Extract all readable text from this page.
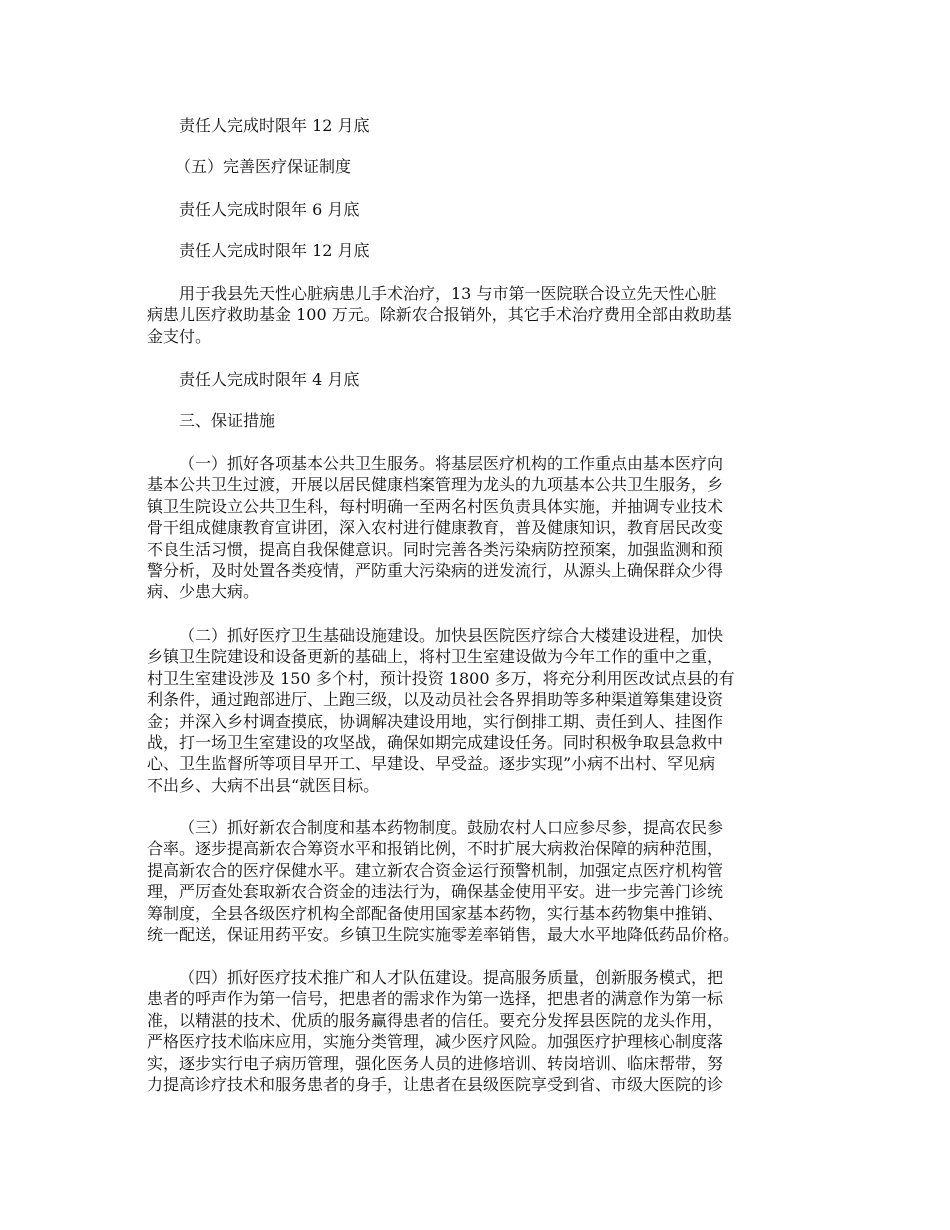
责任人完成时限年 12 月底
（五）完善医疗保证制度
责任人完成时限年 6 月底
责任人完成时限年 12 月底
用于我县先天性心脏病患儿手术治疗，13 与市第一医院联合设立先天性心脏
病患儿医疗救助基金 100 万元。除新农合报销外，其它手术治疗费用全部由救助基
金支付。
责任人完成时限年 4 月底
三、保证措施
（一）抓好各项基本公共卫生服务。将基层医疗机构的工作重点由基本医疗向
基本公共卫生过渡，开展以居民健康档案管理为龙头的九项基本公共卫生服务，乡
镇卫生院设立公共卫生科，每村明确一至两名村医负责具体实施，并抽调专业技术
骨干组成健康教育宣讲团，深入农村进行健康教育，普及健康知识，教育居民改变
不良生活习惯，提高自我保健意识。同时完善各类污染病防控预案，加强监测和预
警分析，及时处置各类疫情，严防重大污染病的迸发流行，从源头上确保群众少得
病、少患大病。
（二）抓好医疗卫生基础设施建设。加快县医院医疗综合大楼建设进程，加快
乡镇卫生院建设和设备更新的基础上，将村卫生室建设做为今年工作的重中之重，
村卫生室建设涉及 150 多个村，预计投资 1800 多万，将充分利用医改试点县的有
利条件，通过跑部进厅、上跑三级，以及动员社会各界捐助等多种渠道筹集建设资
金；并深入乡村调查摸底，协调解决建设用地，实行倒排工期、责任到人、挂图作
战，打一场卫生室建设的攻坚战，确保如期完成建设任务。同时积极争取县急救中
心、卫生监督所等项目早开工、早建设、早受益。逐步实现”小病不出村、罕见病
不出乡、大病不出县“就医目标。
（三）抓好新农合制度和基本药物制度。鼓励农村人口应参尽参，提高农民参
合率。逐步提高新农合筹资水平和报销比例，不时扩展大病救治保障的病种范围，
提高新农合的医疗保健水平。建立新农合资金运行预警机制，加强定点医疗机构管
理，严厉查处套取新农合资金的违法行为，确保基金使用平安。进一步完善门诊统
筹制度，全县各级医疗机构全部配备使用国家基本药物，实行基本药物集中推销、
统一配送，保证用药平安。乡镇卫生院实施零差率销售，最大水平地降低药品价格。
（四）抓好医疗技术推广和人才队伍建设。提高服务质量，创新服务模式，把
患者的呼声作为第一信号，把患者的需求作为第一选择，把患者的满意作为第一标
准，以精湛的技术、优质的服务赢得患者的信任。要充分发挥县医院的龙头作用，
严格医疗技术临床应用，实施分类管理，减少医疗风险。加强医疗护理核心制度落
实，逐步实行电子病历管理，强化医务人员的进修培训、转岗培训、临床帮带，努
力提高诊疗技术和服务患者的身手，让患者在县级医院享受到省、市级大医院的诊
